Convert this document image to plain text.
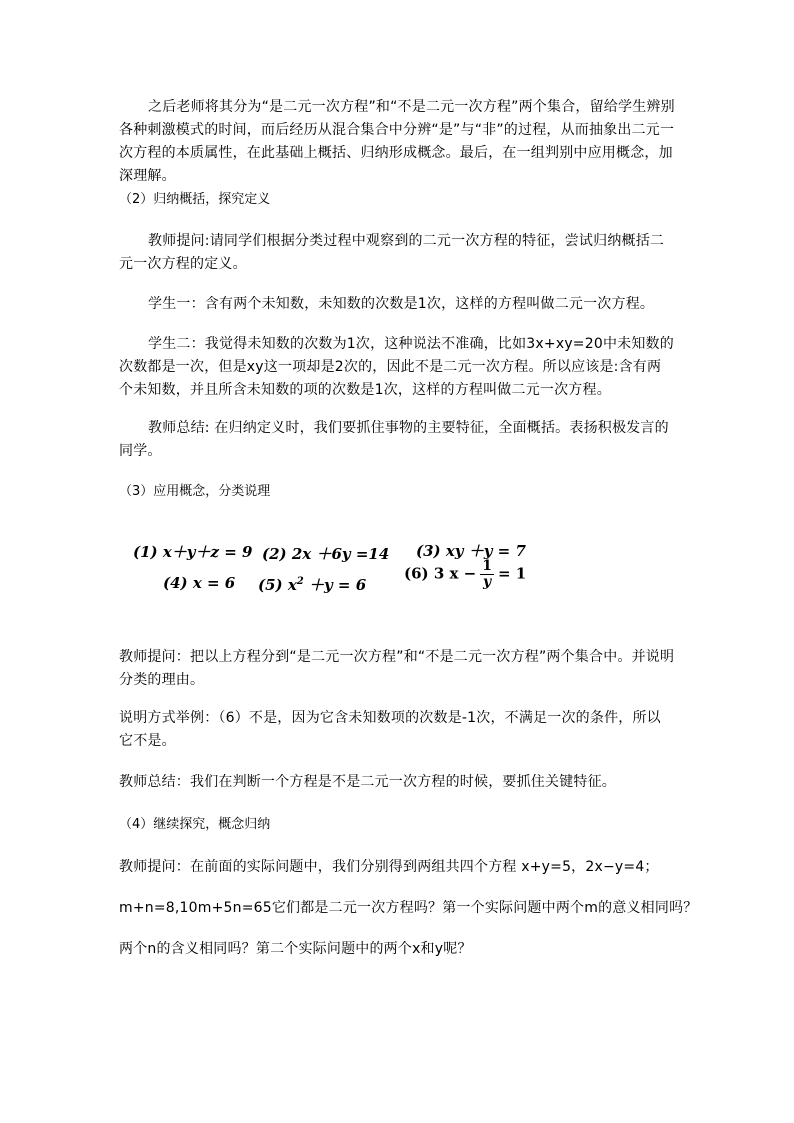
之后老师将其分为“是二元一次方程”和“不是二元一次方程”两个集合，留给学生辨别各种刺激模式的时间，而后经历从混合集合中分辨“是”与“非”的过程，从而抽象出二元一次方程的本质属性，在此基础上概括、归纳形成概念。最后，在一组判别中应用概念，加深理解。
（2）归纳概括，探究定义
教师提问:请同学们根据分类过程中观察到的二元一次方程的特征，尝试归纳概括二元一次方程的定义。
学生一：含有两个未知数，未知数的次数是1次，这样的方程叫做二元一次方程。
学生二：我觉得未知数的次数为1次，这种说法不准确，比如3x+xy=20中未知数的次数都是一次，但是xy这一项却是2次的，因此不是二元一次方程。所以应该是:含有两个未知数，并且所含未知数的项的次数是1次，这样的方程叫做二元一次方程。
教师总结: 在归纳定义时，我们要抓住事物的主要特征，全面概括。表扬积极发言的同学。
（3）应用概念，分类说理
(1) x＋y＋z = 9 (2) 2x ＋6y =14 (3) xy ＋y = 7
(4) x = 6 (5) $x^2 +y = 6$
(6) 3 $x - \frac{1}{y} = 1$
教师提问：把以上方程分到“是二元一次方程”和“不是二元一次方程”两个集合中。并说明分类的理由。
说明方式举例：（6）不是，因为它含未知数项的次数是-1次，不满足一次的条件，所以它不是。
教师总结：我们在判断一个方程是不是二元一次方程的时候，要抓住关键特征。
（4）继续探究，概念归纳
教师提问：在前面的实际问题中，我们分别得到两组共四个方程 x+y=5，2x−y=4；
m+n=8,10m+5n=65它们都是二元一次方程吗？第一个实际问题中两个m的意义相同吗？
两个n的含义相同吗？第二个实际问题中的两个x和y呢？
